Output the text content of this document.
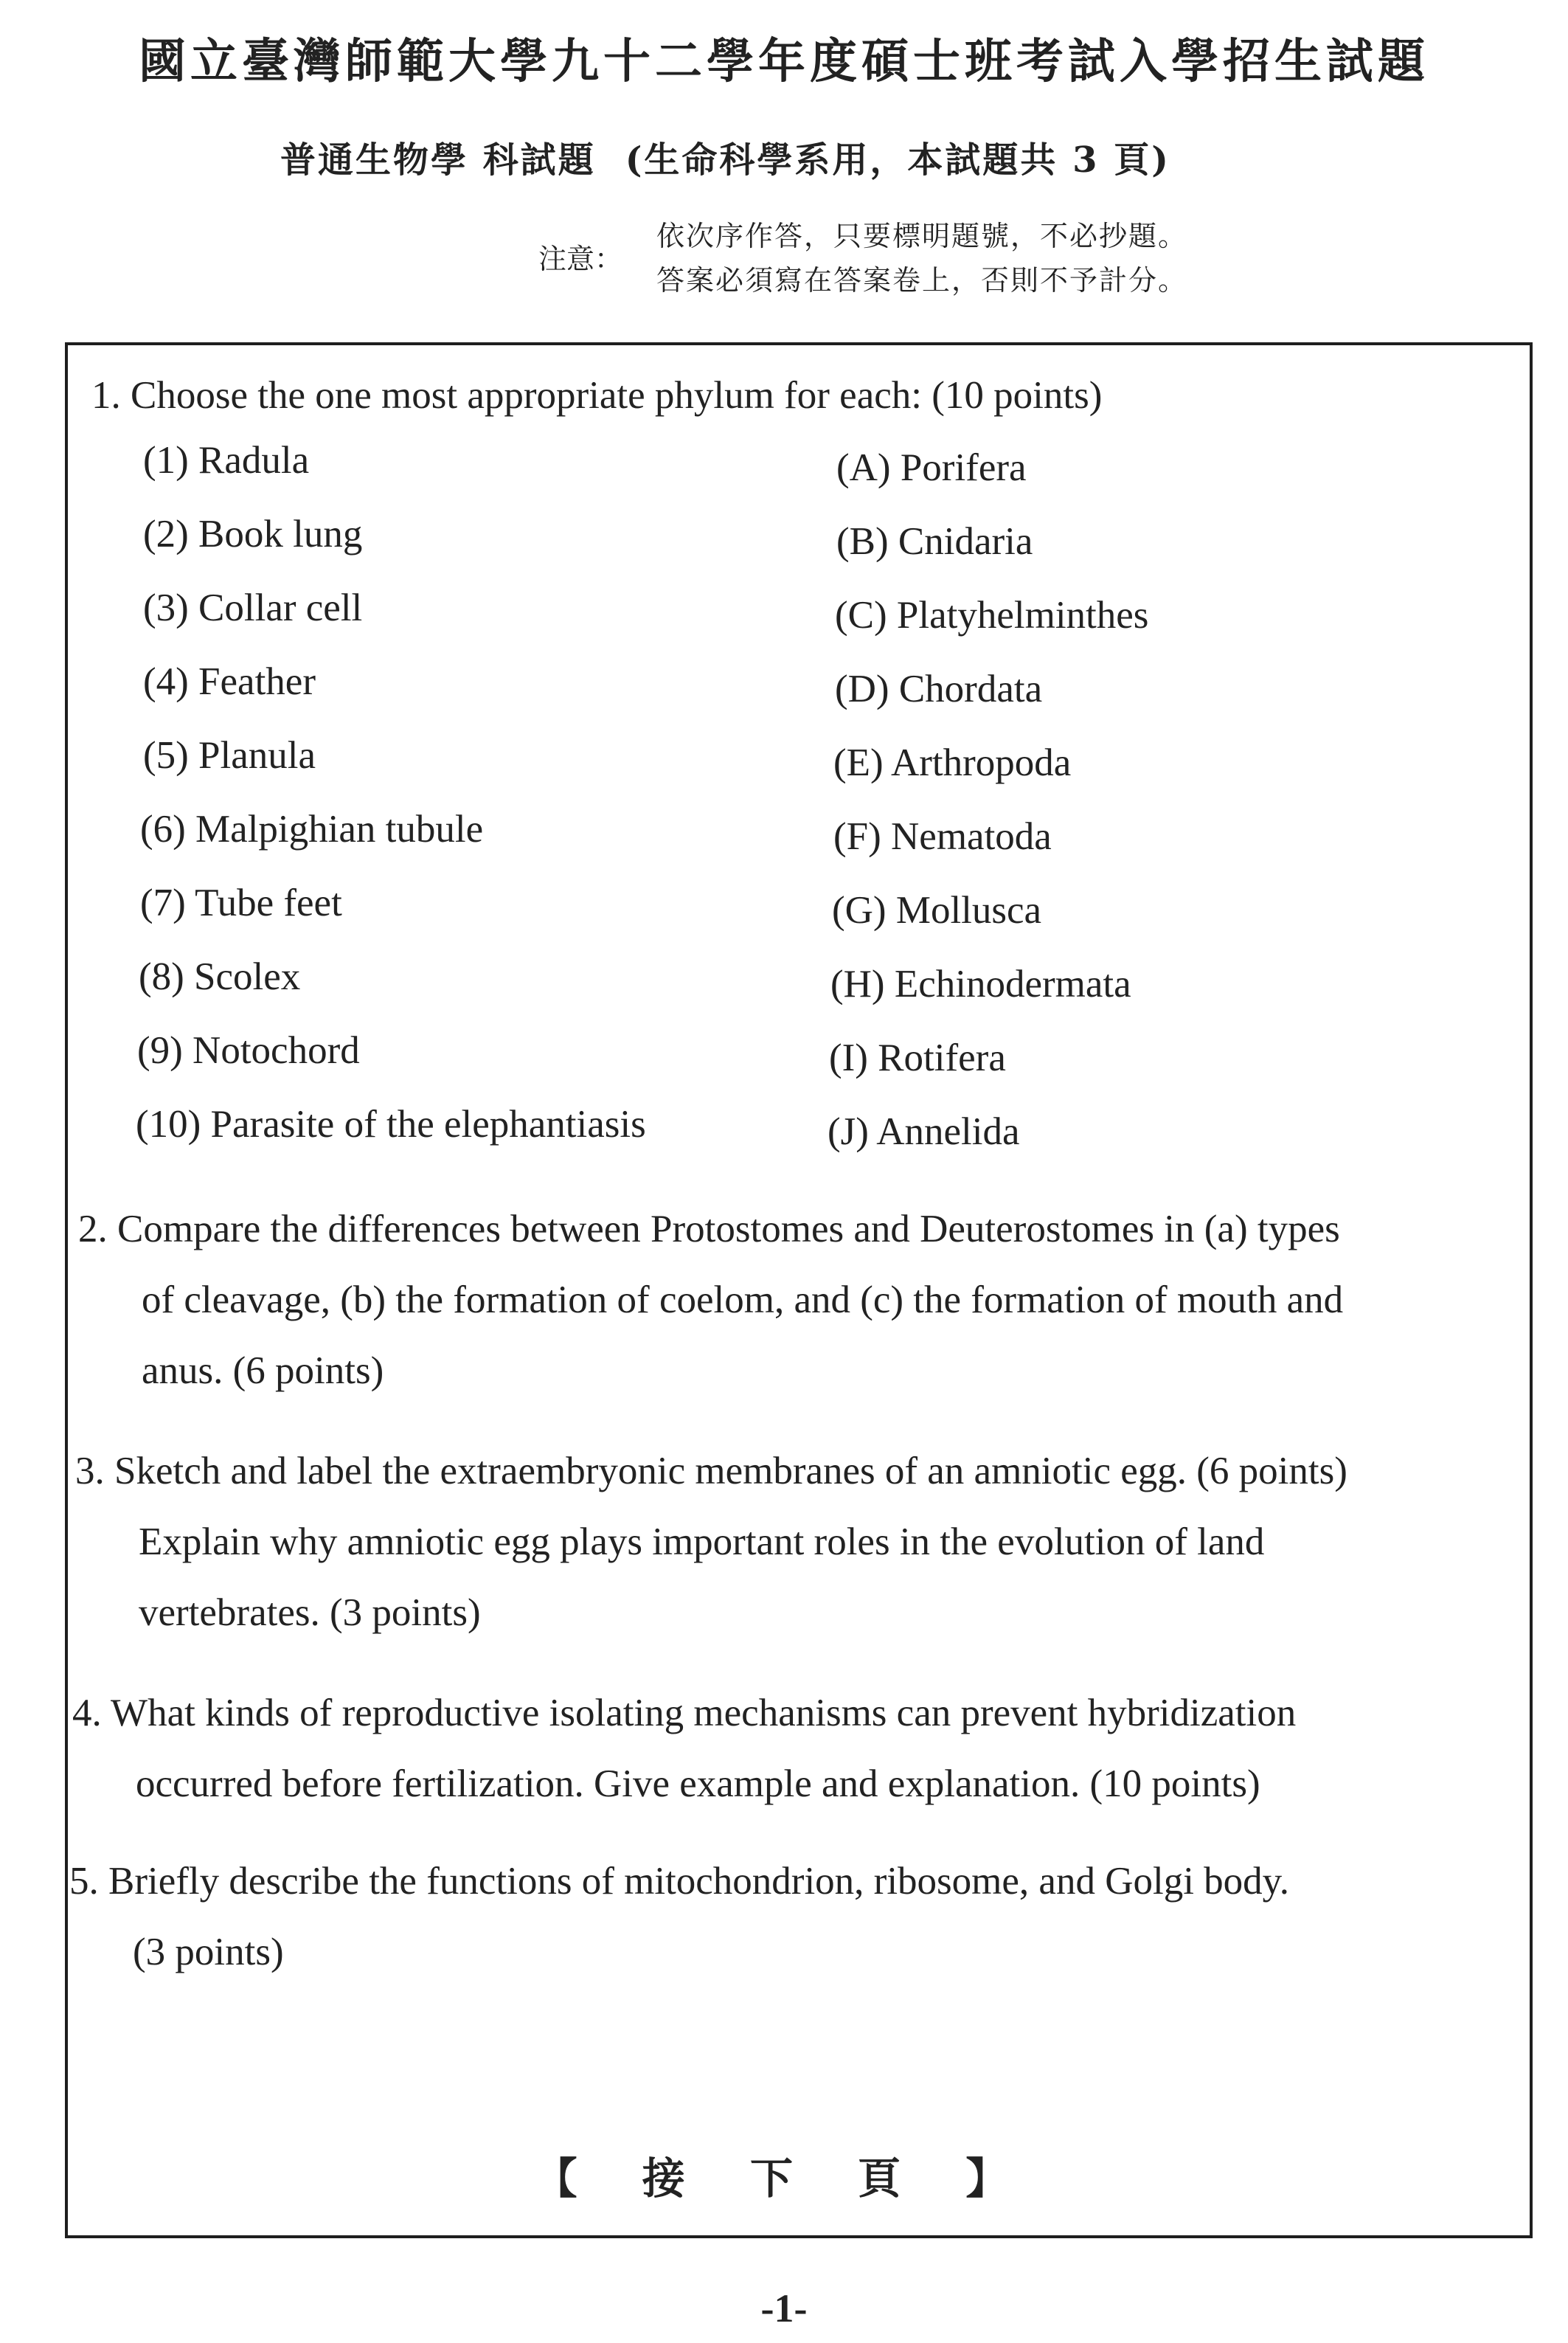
國立臺灣師範大學九十二學年度碩士班考試入學招生試題
普通生物學 科試題 (生命科學系用，本試題共 3 頁)
注意：
依次序作答，只要標明題號，不必抄題。
答案必須寫在答案卷上，否則不予計分。
1. Choose the one most appropriate phylum for each: (10 points)
(1) Radula
(2) Book lung
(3) Collar cell
(4) Feather
(5) Planula
(6) Malpighian tubule
(7) Tube feet
(8) Scolex
(9) Notochord
(10) Parasite of the elephantiasis
(A) Porifera
(B) Cnidaria
(C) Platyhelminthes
(D) Chordata
(E) Arthropoda
(F) Nematoda
(G) Mollusca
(H) Echinodermata
(I) Rotifera
(J) Annelida
2. Compare the differences between Protostomes and Deuterostomes in (a) types
of cleavage, (b) the formation of coelom, and (c) the formation of mouth and
anus. (6 points)
3. Sketch and label the extraembryonic membranes of an amniotic egg. (6 points)
Explain why amniotic egg plays important roles in the evolution of land
vertebrates. (3 points)
4. What kinds of reproductive isolating mechanisms can prevent hybridization
occurred before fertilization. Give example and explanation. (10 points)
5. Briefly describe the functions of mitochondrion, ribosome, and Golgi body.
(3 points)
【 接 下 頁 】
-1-
